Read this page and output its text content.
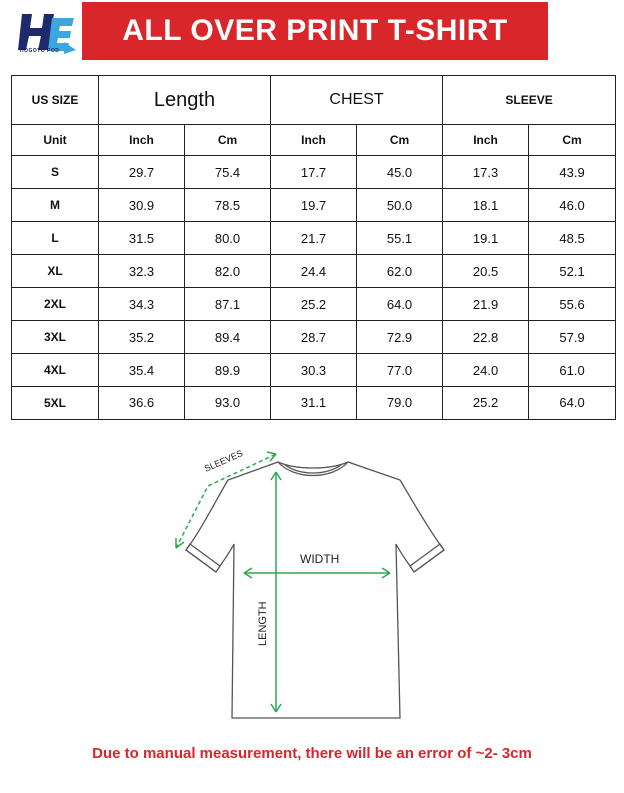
HOGOTO POD
ALL OVER PRINT T-SHIRT
US SIZE	Length		CHEST		SLEEVE	
Unit	Inch	Cm	Inch	Cm	Inch	Cm
S	29.7	75.4	17.7	45.0	17.3	43.9
M	30.9	78.5	19.7	50.0	18.1	46.0
L	31.5	80.0	21.7	55.1	19.1	48.5
XL	32.3	82.0	24.4	62.0	20.5	52.1
2XL	34.3	87.1	25.2	64.0	21.9	55.6
3XL	35.2	89.4	28.7	72.9	22.8	57.9
4XL	35.4	89.9	30.3	77.0	24.0	61.0
5XL	36.6	93.0	31.1	79.0	25.2	64.0
SLEEVES
WIDTH
LENGTH
Due to manual measurement, there will be an error of ~2- 3cm
